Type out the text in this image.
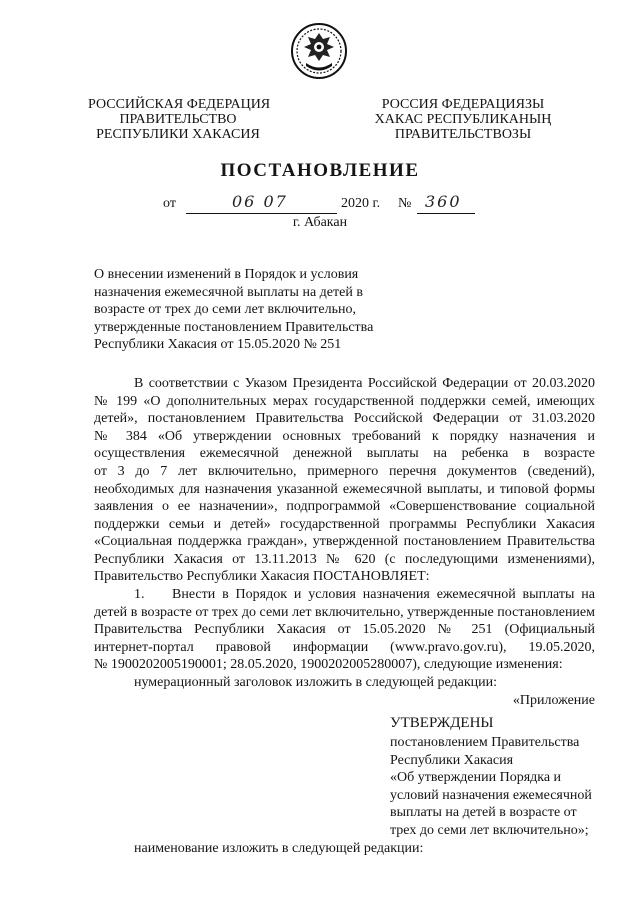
РОССИЙСКАЯ ФЕДЕРАЦИЯ
ПРАВИТЕЛЬСТВО
РЕСПУБЛИКИ ХАКАСИЯ
РОССИЯ ФЕДЕРАЦИЯЗЫ
ХАКАС РЕСПУБЛИКАНЫҢ
ПРАВИТЕЛЬСТВОЗЫ
ПОСТАНОВЛЕНИЕ
от	06 07	2020 г. № 360
г. Абакан

О внесении изменений в Порядок и условия

назначения ежемесячной выплаты на детей в

возрасте от трех до семи лет включительно,

утвержденные постановлением Правительства

Республики Хакасия от 15.05.2020 № 251

В соответствии с Указом Президента Российской Федерации от 20.03.2020
№ 199 «О дополнительных мерах государственной поддержки семей, имеющих
детей», постановлением Правительства Российской Федерации от 31.03.2020
№ 384 «Об утверждении основных требований к порядку назначения и
осуществления ежемесячной денежной выплаты на ребенка в возрасте
от 3 до 7 лет включительно, примерного перечня документов (сведений),
необходимых для назначения указанной ежемесячной выплаты, и типовой формы
заявления о ее назначении», подпрограммой «Совершенствование социальной
поддержки семьи и детей» государственной программы Республики Хакасия
«Социальная поддержка граждан», утвержденной постановлением Правительства
Республики Хакасия от 13.11.2013 № 620 (с последующими изменениями),
Правительство Республики Хакасия ПОСТАНОВЛЯЕТ:
1. Внести в Порядок и условия назначения ежемесячной выплаты на
детей в возрасте от трех до семи лет включительно, утвержденные постановлением
Правительства Республики Хакасия от 15.05.2020 № 251 (Официальный
интернет-портал правовой информации (www.pravo.gov.ru), 19.05.2020,
№ 1900202005190001; 28.05.2020, 1900202005280007), следующие изменения:
нумерационный заголовок изложить в следующей редакции:
«Приложение
УТВЕРЖДЕНЫ
постановлением Правительства
Республики Хакасия
«Об утверждении Порядка и
условий назначения ежемесячной
выплаты на детей в возрасте от
трех до семи лет включительно»;
наименование изложить в следующей редакции:
